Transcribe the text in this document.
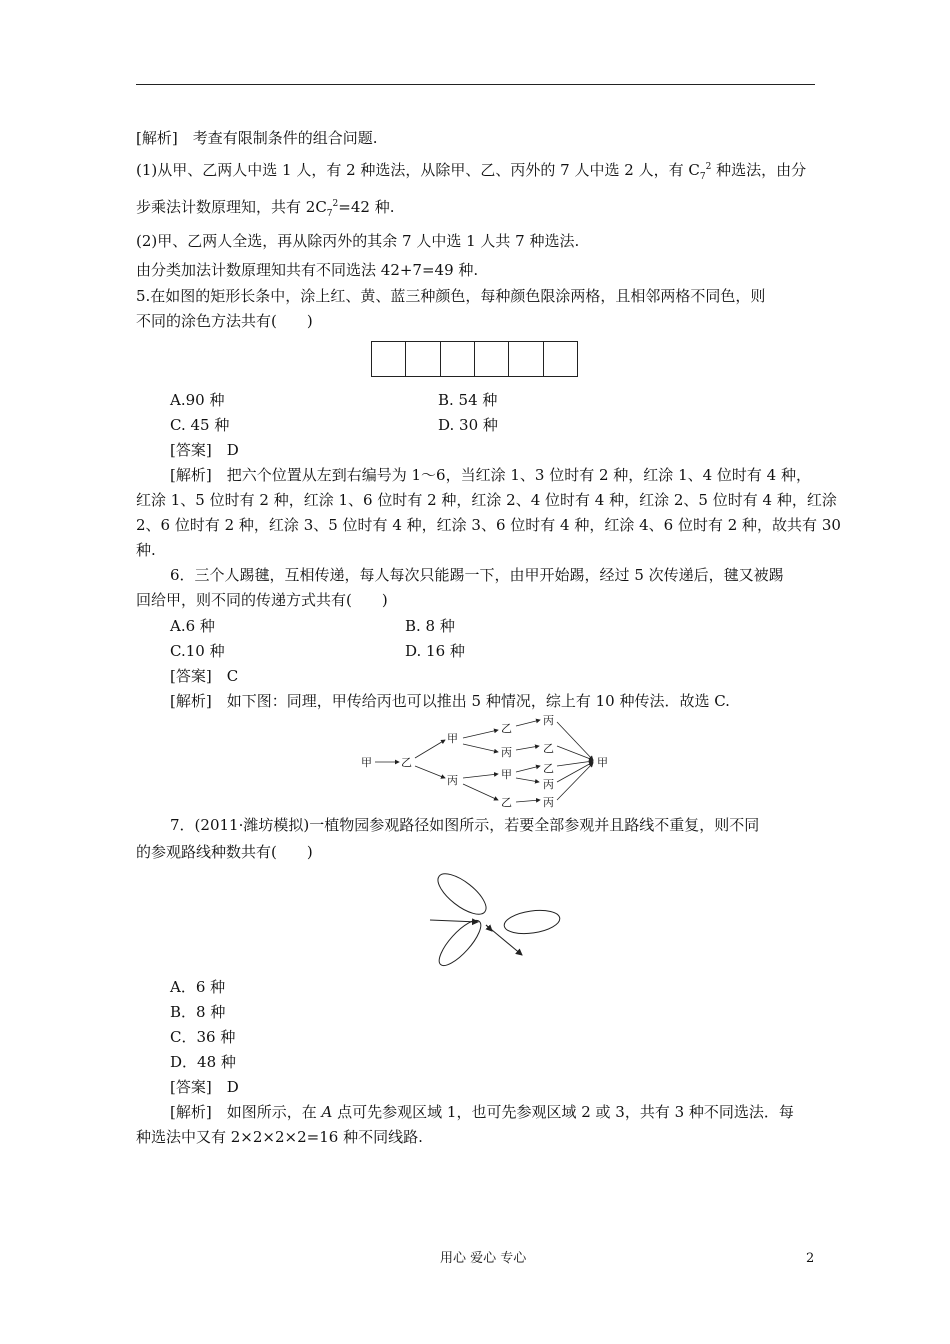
[解析]　 考查有限制条件的组合问题.
(1)从甲、乙两人中选 1 人，有 2 种选法，从除甲、乙、丙外的 7 人中选 2 人，有 $C_7^2$ 种选法，由分
步乘法计数原理知，共有 $2C_7^2=42$ 种.
(2)甲、乙两人全选，再从除丙外的其余 7 人中选 1 人共 7 种选法.
由分类加法计数原理知共有不同选法 42+7=49 种.
5.在如图的矩形长条中，涂上红、黄、蓝三种颜色，每种颜色限涂两格，且相邻两格不同色，则
不同的涂色方法共有(　　)
A.90 种	B. 54 种
C. 45 种	D. 30 种
[答案]　 D
[解析]　 把六个位置从左到右编号为 1～6，当红涂 1、3 位时有 2 种，红涂 1、4 位时有 4 种，
红涂 1、5 位时有 2 种，红涂 1、6 位时有 2 种，红涂 2、4 位时有 4 种，红涂 2、5 位时有 4 种，红涂
2、6 位时有 2 种，红涂 3、5 位时有 4 种，红涂 3、6 位时有 4 种，红涂 4、6 位时有 2 种，故共有 30
种.
6．三个人踢毽，互相传递，每人每次只能踢一下，由甲开始踢，经过 5 次传递后，毽又被踢
回给甲，则不同的传递方式共有(　　)
A.6 种	B. 8 种
C.10 种	D. 16 种
[答案]　 C
[解析]　 如下图：同理，甲传给丙也可以推出 5 种情况，综上有 10 种传法．故选 C.
甲	乙
甲
丙
乙
丙
甲
乙
丙
乙
乙
丙
丙
甲
7．(2011·潍坊模拟)一植物园参观路径如图所示，若要全部参观并且路线不重复，则不同
的参观路线种数共有(　　)
A．6 种
B．8 种
C．36 种
D．48 种
[答案]　 D
[解析]　 如图所示，在 A 点可先参观区域 1，也可先参观区域 2 或 3，共有 3 种不同选法．每
种选法中又有 2×2×2×2=16 种不同线路.
用心 爱心 专心	2
